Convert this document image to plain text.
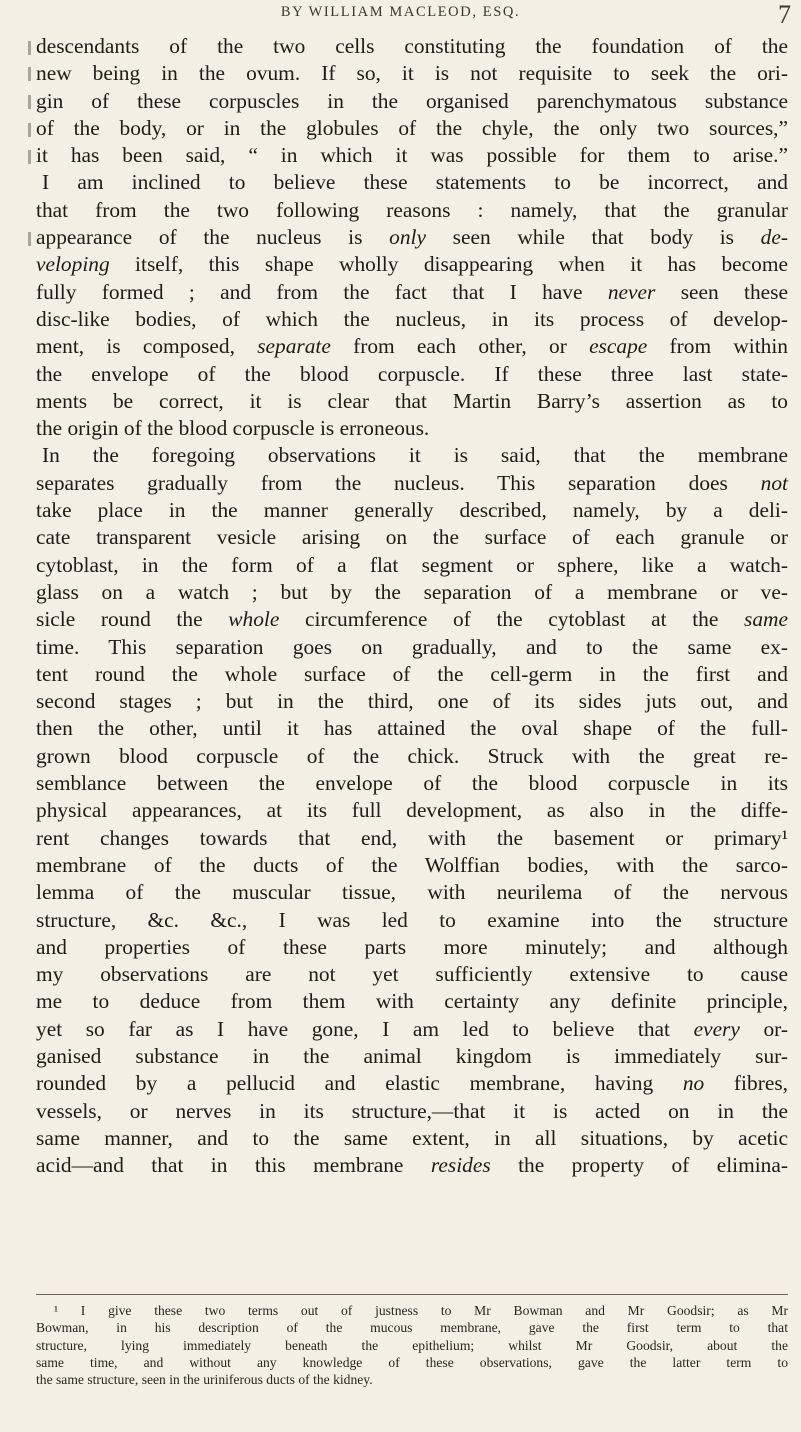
BY WILLIAM MACLEOD, ESQ.	7
descendants of the two cells constituting the foundation of the
new being in the ovum. If so, it is not requisite to seek the ori-
gin of these corpuscles in the organised parenchymatous substance
of the body, or in the globules of the chyle, the only two sources,”
it has been said, “ in which it was possible for them to arise.”
I am inclined to believe these statements to be incorrect, and
that from the two following reasons : namely, that the granular
appearance of the nucleus is only seen while that body is de-
veloping itself, this shape wholly disappearing when it has become
fully formed ; and from the fact that I have never seen these
disc-like bodies, of which the nucleus, in its process of develop-
ment, is composed, separate from each other, or escape from within
the envelope of the blood corpuscle. If these three last state-
ments be correct, it is clear that Martin Barry’s assertion as to
the origin of the blood corpuscle is erroneous.
In the foregoing observations it is said, that the membrane
separates gradually from the nucleus. This separation does not
take place in the manner generally described, namely, by a deli-
cate transparent vesicle arising on the surface of each granule or
cytoblast, in the form of a flat segment or sphere, like a watch-
glass on a watch ; but by the separation of a membrane or ve-
sicle round the whole circumference of the cytoblast at the same
time. This separation goes on gradually, and to the same ex-
tent round the whole surface of the cell-germ in the first and
second stages ; but in the third, one of its sides juts out, and
then the other, until it has attained the oval shape of the full-
grown blood corpuscle of the chick. Struck with the great re-
semblance between the envelope of the blood corpuscle in its
physical appearances, at its full development, as also in the diffe-
rent changes towards that end, with the basement or primary¹
membrane of the ducts of the Wolffian bodies, with the sarco-
lemma of the muscular tissue, with neurilema of the nervous
structure, &c. &c., I was led to examine into the structure
and properties of these parts more minutely; and although
my observations are not yet sufficiently extensive to cause
me to deduce from them with certainty any definite principle,
yet so far as I have gone, I am led to believe that every or-
ganised substance in the animal kingdom is immediately sur-
rounded by a pellucid and elastic membrane, having no fibres,
vessels, or nerves in its structure,—that it is acted on in the
same manner, and to the same extent, in all situations, by acetic
acid—and that in this membrane resides the property of elimina-
¹ I give these two terms out of justness to Mr Bowman and Mr Goodsir; as Mr
Bowman, in his description of the mucous membrane, gave the first term to that
structure, lying immediately beneath the epithelium; whilst Mr Goodsir, about the
same time, and without any knowledge of these observations, gave the latter term to
the same structure, seen in the uriniferous ducts of the kidney.
